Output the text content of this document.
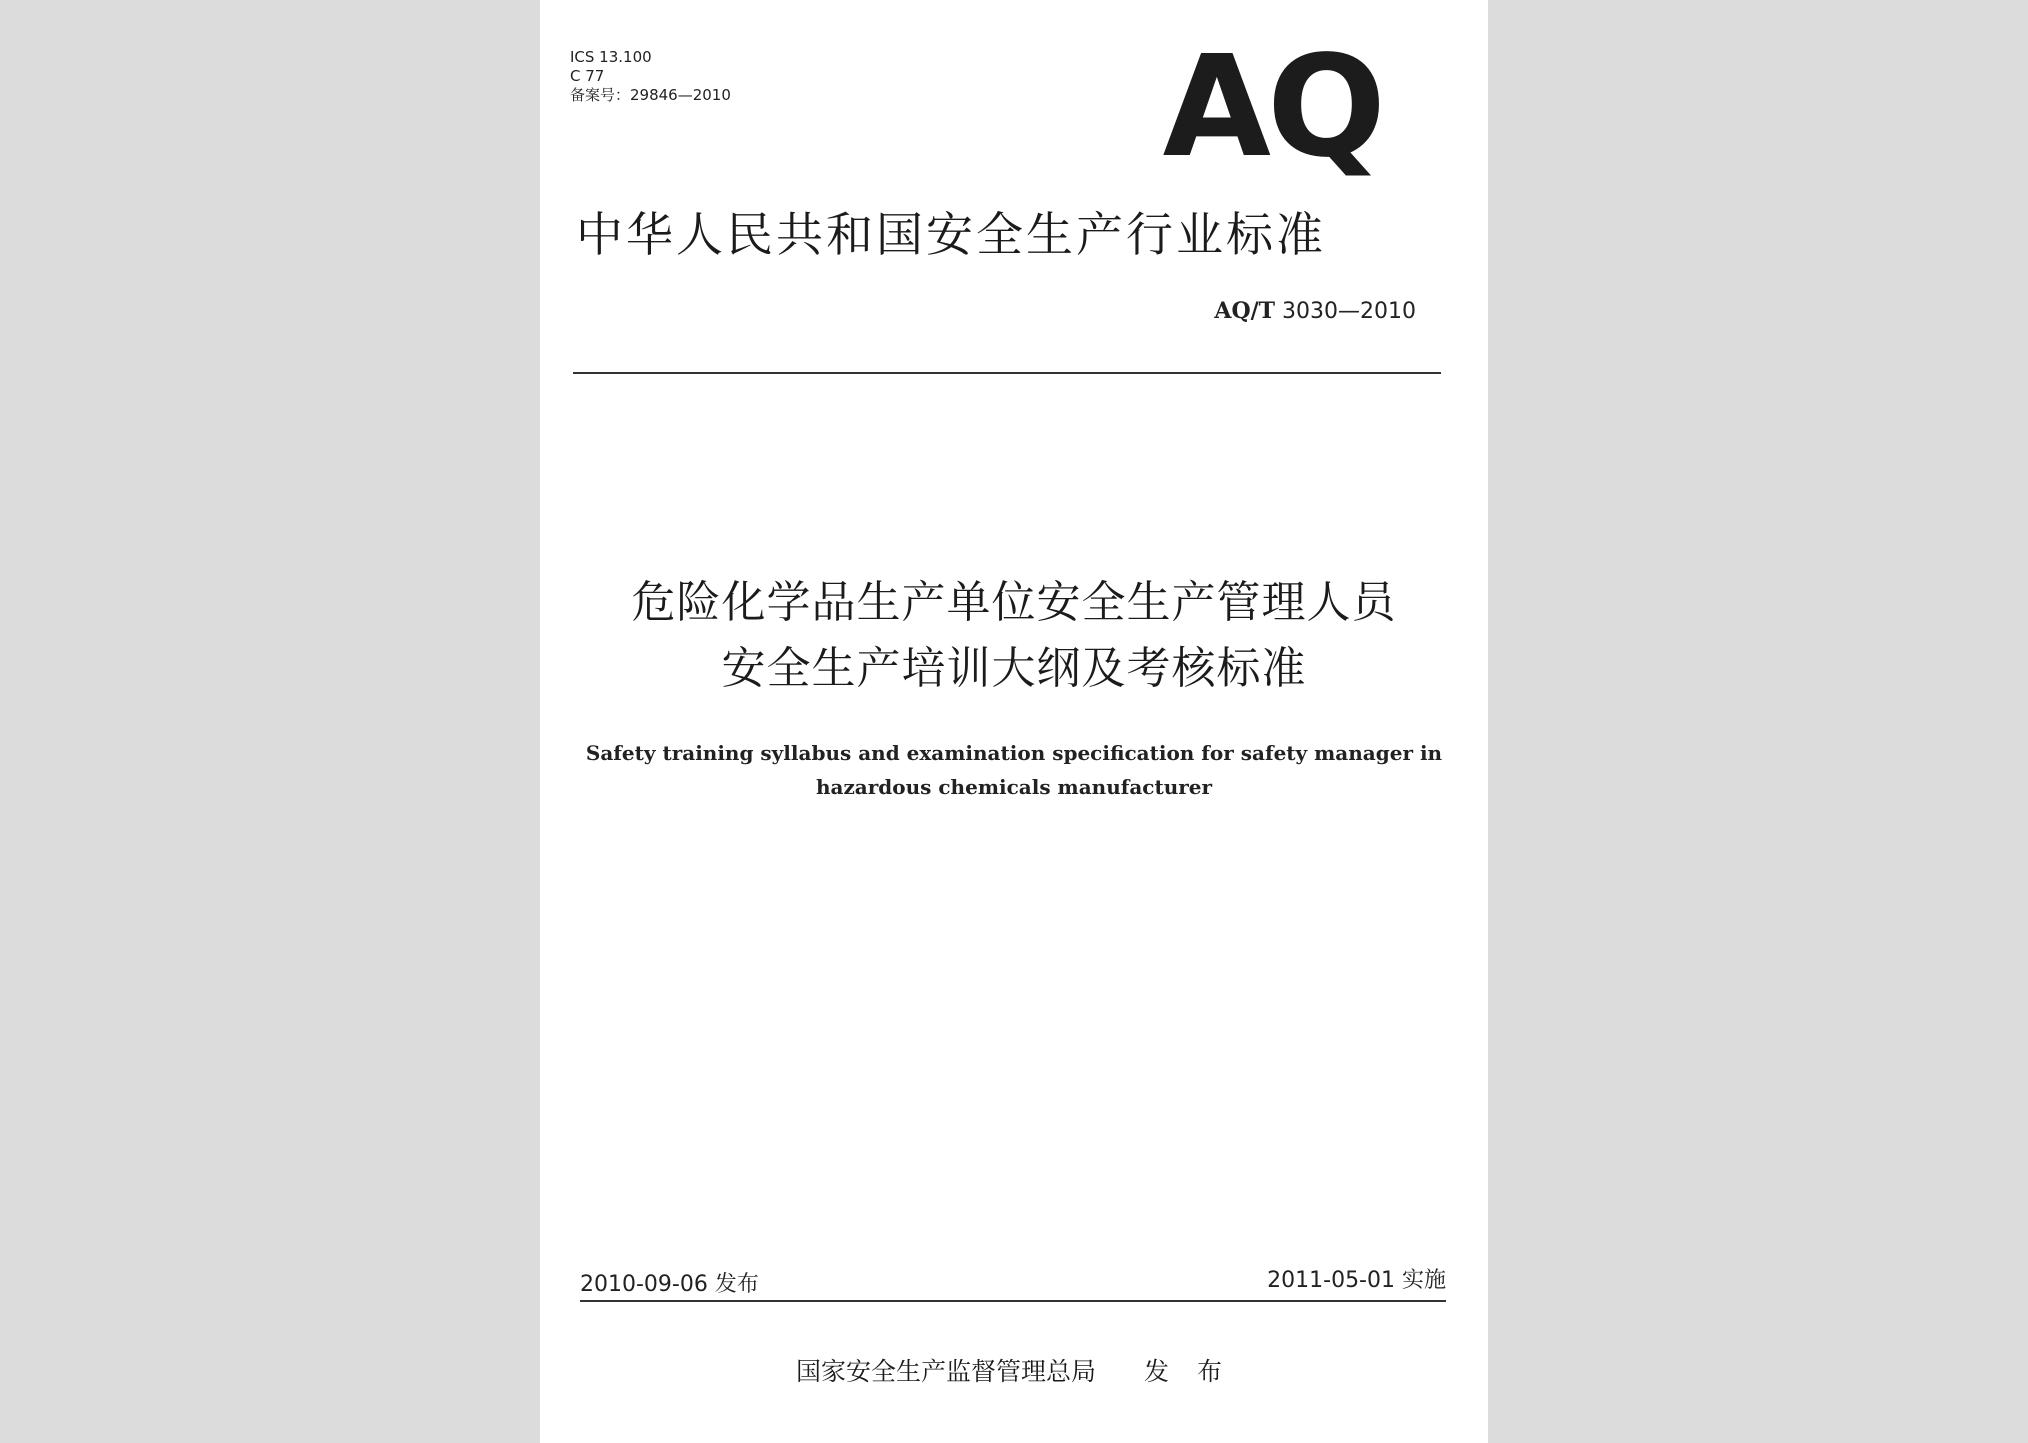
ICS 13.100
C 77
备案号：29846—2010	AQ
中华人民共和国安全生产行业标准
AQ/T 3030—2010
危险化学品生产单位安全生产管理人员
安全生产培训大纲及考核标准
Safety training syllabus and examination specification for safety manager in
hazardous chemicals manufacturer
2010-09-06 发布	2011-05-01 实施
国家安全生产监督管理总局 发 布
